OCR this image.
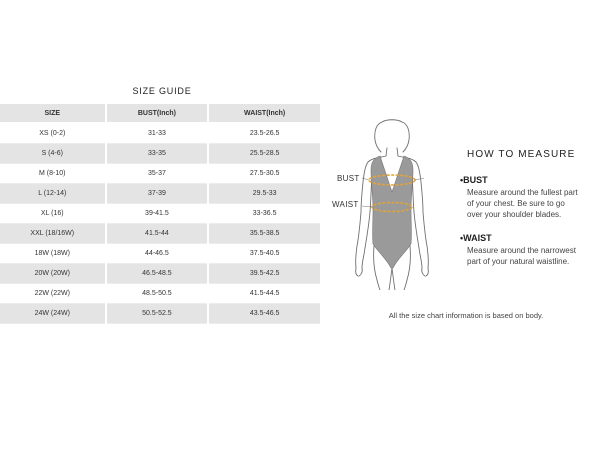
SIZE GUIDE
SIZE	BUST(Inch)	WAIST(Inch)
XS (0-2)	31-33	23.5-26.5
S (4-6)	33-35	25.5-28.5
M (8-10)	35-37	27.5-30.5
L (12-14)	37-39	29.5-33
XL (16)	39-41.5	33-36.5
XXL (18/16W)	41.5-44	35.5-38.5
18W (18W)	44-46.5	37.5-40.5
20W (20W)	46.5-48.5	39.5-42.5
22W (22W)	48.5-50.5	41.5-44.5
24W (24W)	50.5-52.5	43.5-46.5
BUST
WAIST
HOW TO MEASURE
•BUST
Measure around the fullest part
of your chest. Be sure to go
over your shoulder blades.
•WAIST
Measure around the narrowest
part of your natural waistline.
All the size chart information is based on body.
